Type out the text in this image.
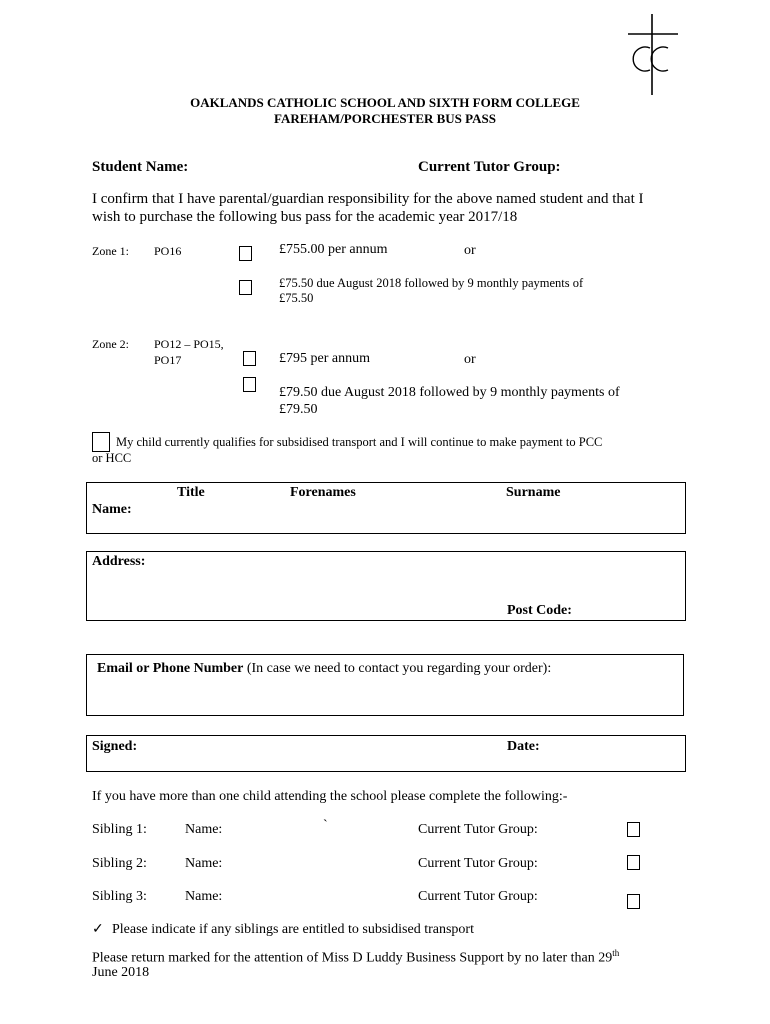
OAKLANDS CATHOLIC SCHOOL AND SIXTH FORM COLLEGE
FAREHAM/PORCHESTER BUS PASS
Student Name:	Current Tutor Group:
I confirm that I have parental/guardian responsibility for the above named student and that I
wish to purchase the following bus pass for the academic year 2017/18
Zone 1: PO16	£755.00 per annum	or
£75.50 due August 2018 followed by 9 monthly payments of
£75.50
Zone 2: PO12 – PO15,
PO17	£795 per annum	or
£79.50 due August 2018 followed by 9 monthly payments of
£79.50
My child currently qualifies for subsidised transport and I will continue to make payment to PCC
or HCC
Title	Forenames	Surname
Name:
Address:
Post Code:
Email or Phone Number (In case we need to contact you regarding your order):
Signed:	Date:
If you have more than one child attending the school please complete the following:-
Sibling 1:	Name:	`	Current Tutor Group:
Sibling 2:	Name:	Current Tutor Group:
Sibling 3:	Name:	Current Tutor Group:
✓ Please indicate if any siblings are entitled to subsidised transport
Please return marked for the attention of Miss D Luddy Business Support by no later than 29th
June 2018
